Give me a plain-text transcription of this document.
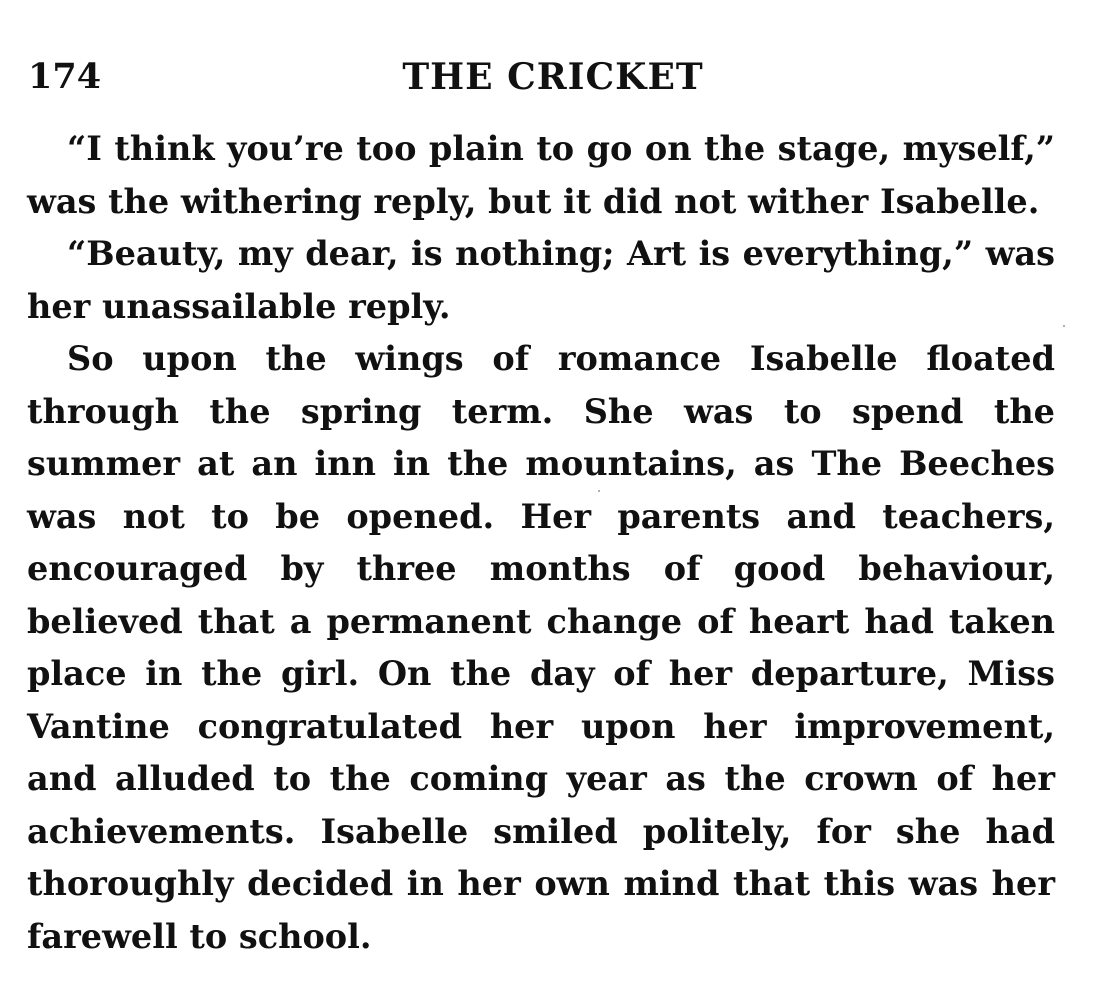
174	THE CRICKET

“I think you’re too plain to go on the stage, myself,” was the withering reply, but it did not wither Isabelle.

“Beauty, my dear, is nothing; Art is everything,” was her unassailable reply.

So upon the wings of romance Isabelle floated through the spring term. She was to spend the summer at an inn in the mountains, as The Beeches was not to be opened. Her parents and teachers, encouraged by three months of good behaviour, believed that a permanent change of heart had taken place in the girl. On the day of her departure, Miss Vantine congratulated her upon her improvement, and alluded to the coming year as the crown of her achievements. Isabelle smiled politely, for she had thoroughly decided in her own mind that this was her farewell to school.
